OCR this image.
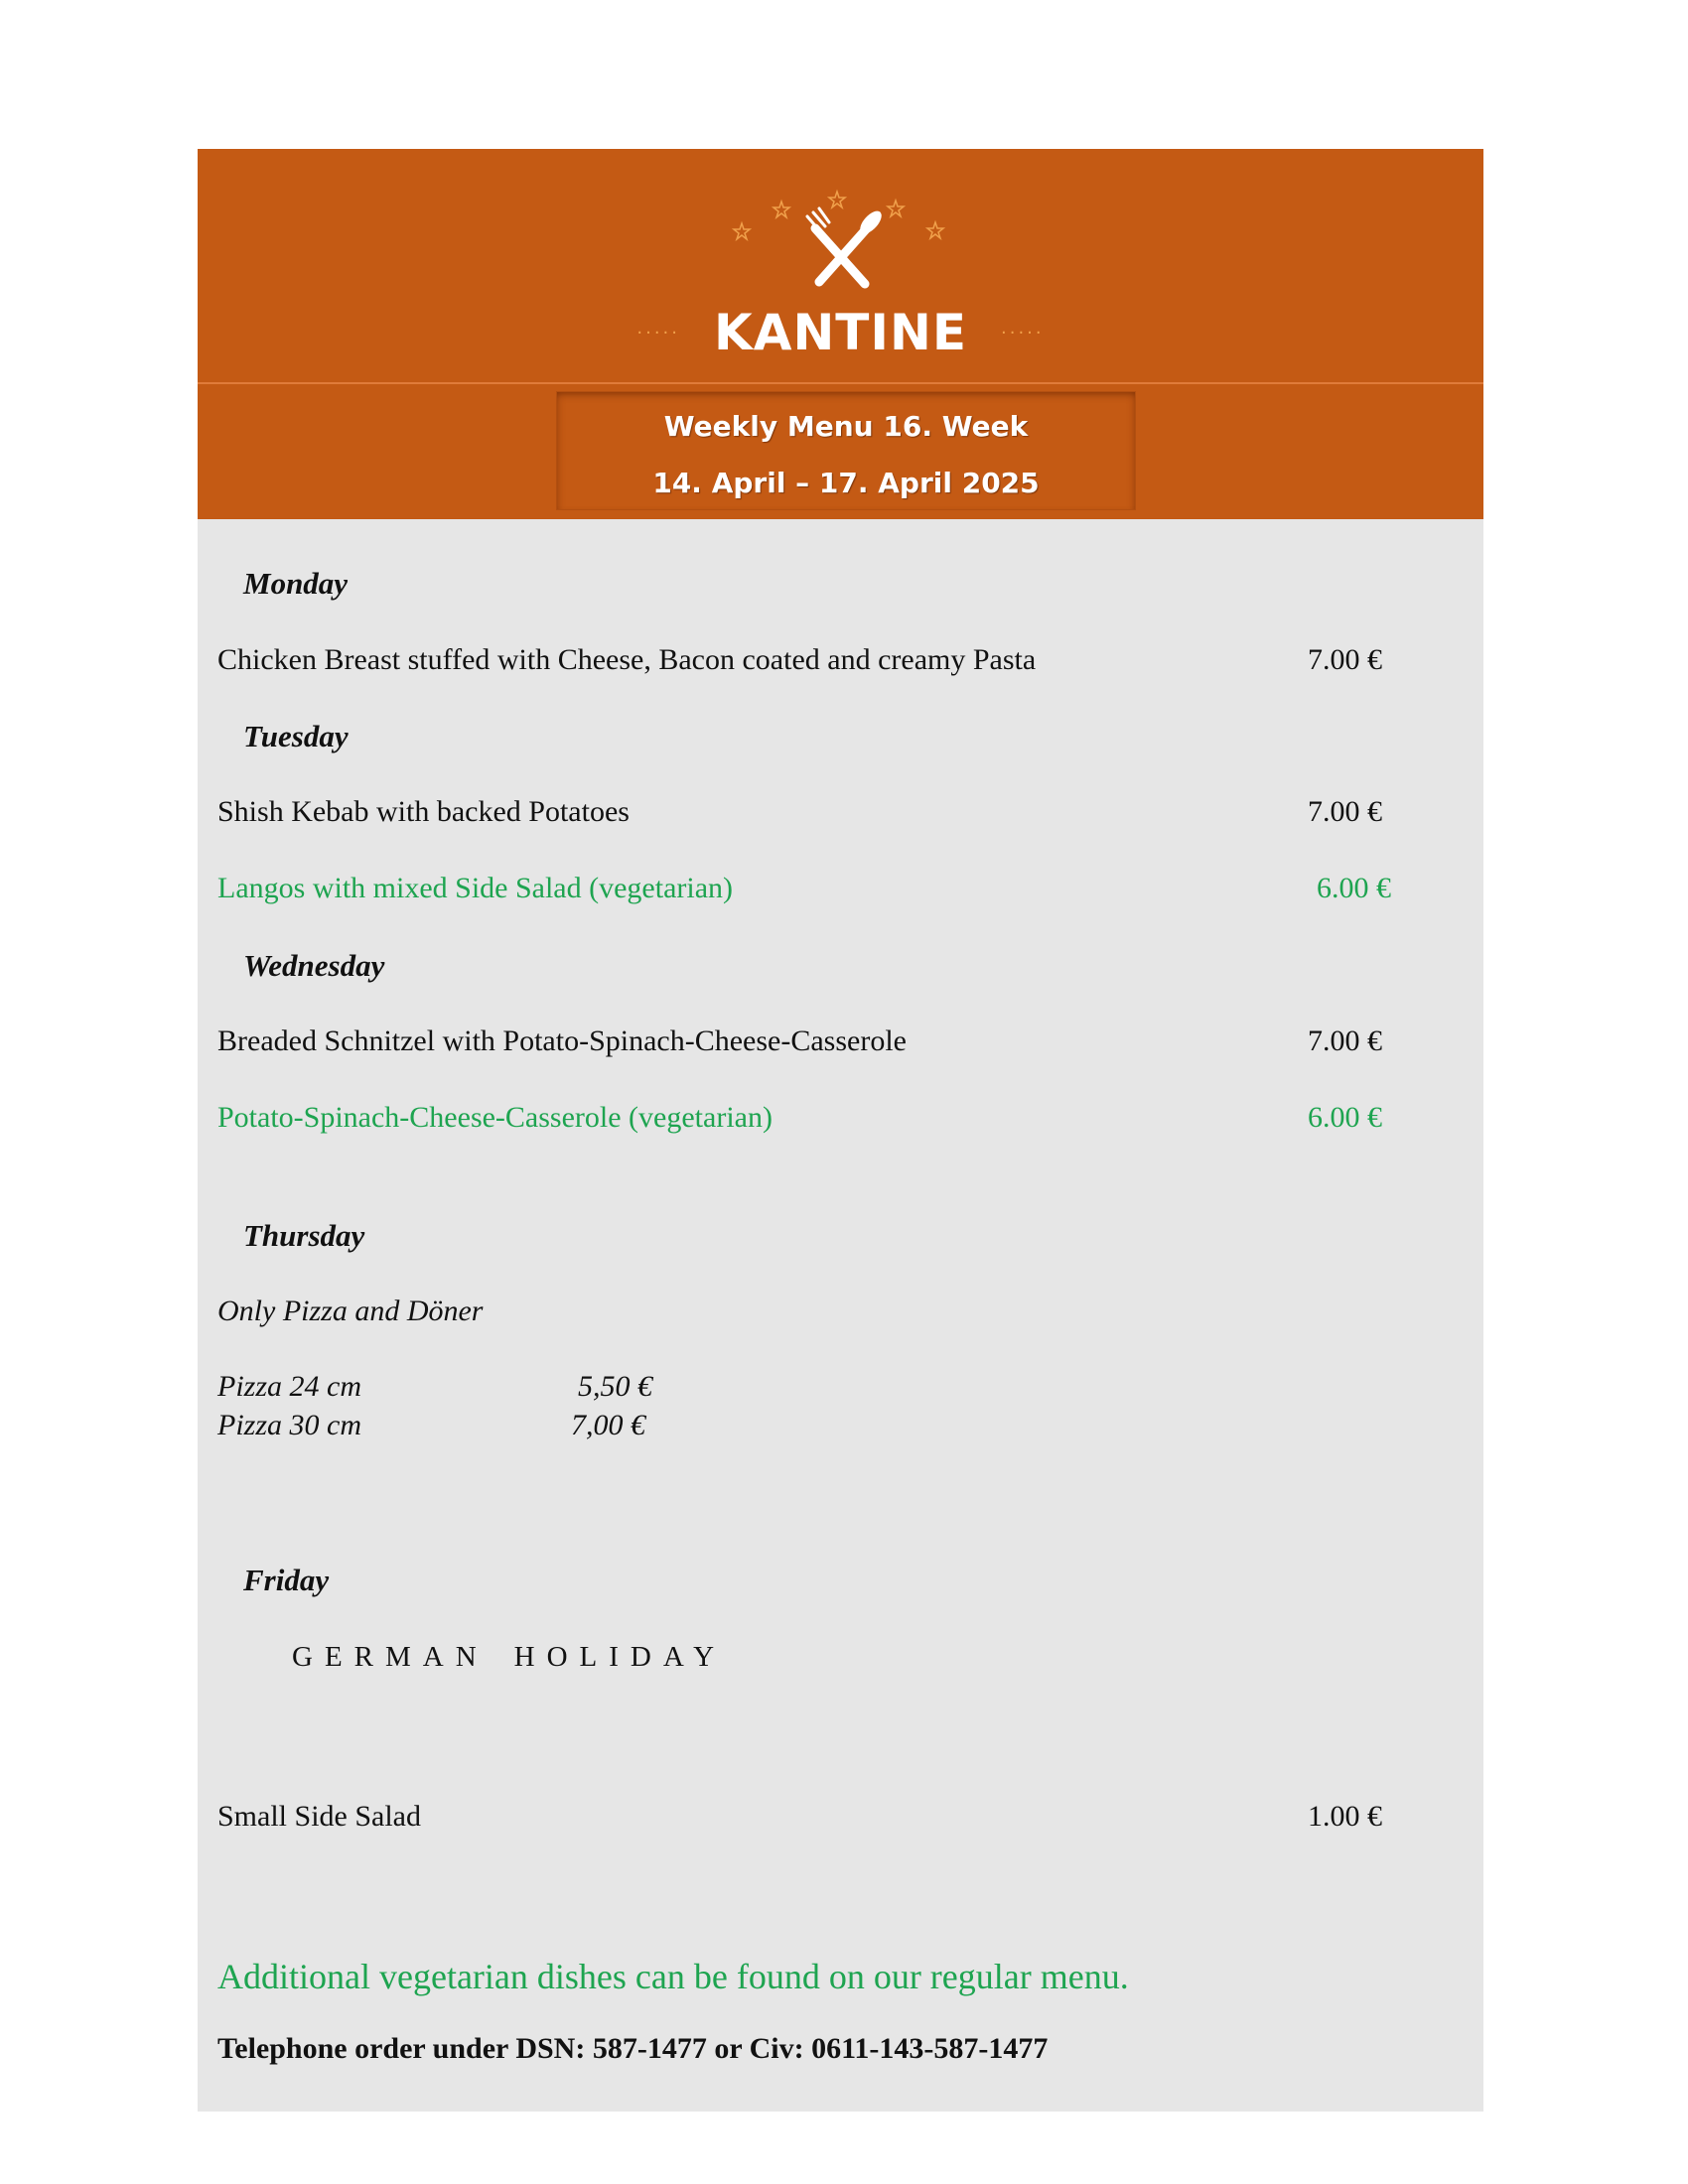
····· KANTINE ·····
Weekly Menu 16. Week
14. April – 17. April 2025
Monday
Chicken Breast stuffed with Cheese, Bacon coated and creamy Pasta	7.00 €
Tuesday
Shish Kebab with backed Potatoes	7.00 €
Langos with mixed Side Salad (vegetarian)	6.00 €
Wednesday
Breaded Schnitzel with Potato-Spinach-Cheese-Casserole	7.00 €
Potato-Spinach-Cheese-Casserole (vegetarian)	6.00 €
Thursday
Only Pizza and Döner
Pizza 24 cm	5,50 €
Pizza 30 cm	7,00 €
Friday
GERMAN HOLIDAY
Small Side Salad	1.00 €
Additional vegetarian dishes can be found on our regular menu.
Telephone order under DSN: 587-1477 or Civ: 0611-143-587-1477
